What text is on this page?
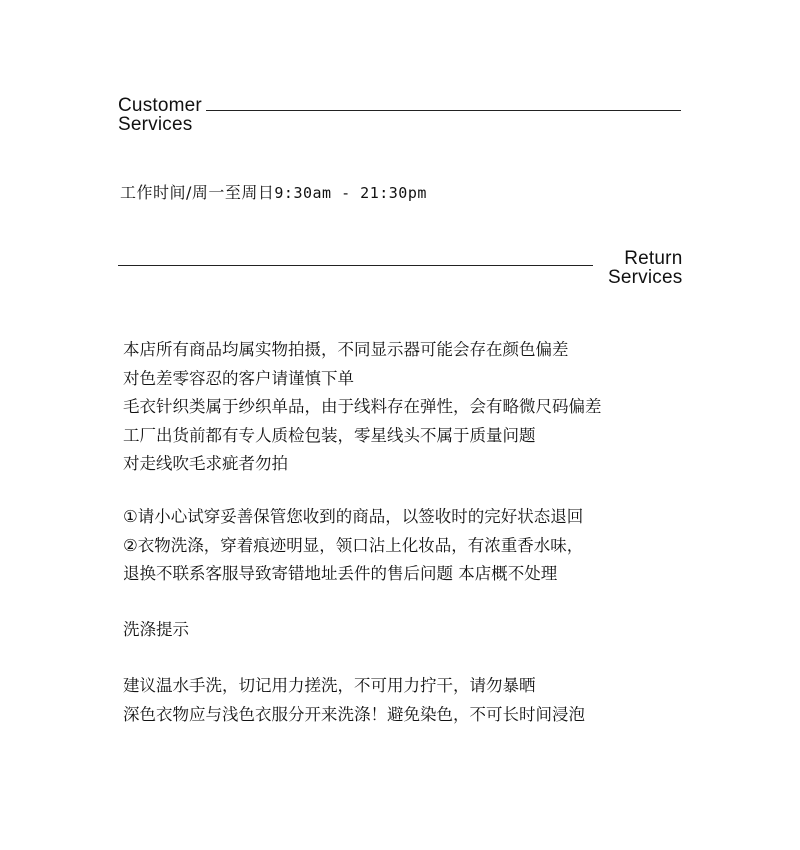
Customer
Services
工作时间/周一至周日9:30am - 21:30pm
Return
Services
本店所有商品均属实物拍摄，不同显示器可能会存在颜色偏差
对色差零容忍的客户请谨慎下单
毛衣针织类属于纱织单品，由于线料存在弹性，会有略微尺码偏差
工厂出货前都有专人质检包装，零星线头不属于质量问题
对走线吹毛求疵者勿拍
①请小心试穿妥善保管您收到的商品，以签收时的完好状态退回
②衣物洗涤，穿着痕迹明显，领口沾上化妆品，有浓重香水味，
退换不联系客服导致寄错地址丢件的售后问题 本店概不处理
洗涤提示
建议温水手洗，切记用力搓洗，不可用力拧干，请勿暴晒
深色衣物应与浅色衣服分开来洗涤！避免染色，不可长时间浸泡
